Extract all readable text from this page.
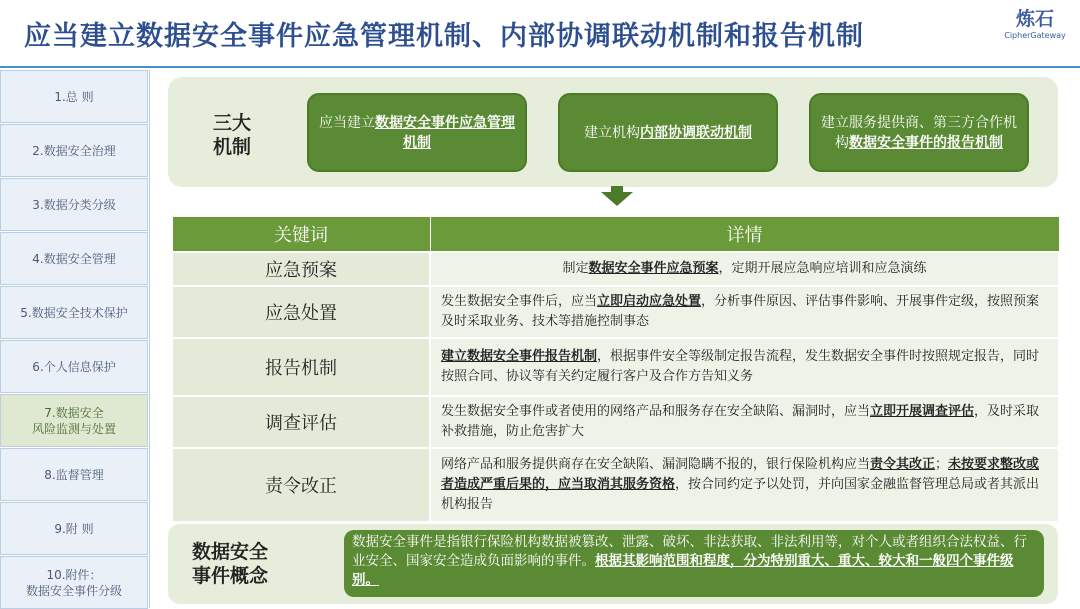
应当建立数据安全事件应急管理机制、内部协调联动机制和报告机制
炼石
CipherGateway
1.总 则
2.数据安全治理
3.数据分类分级
4.数据安全管理
5.数据安全技术保护
6.个人信息保护
7.数据安全
风险监测与处置
8.监督管理
9.附 则
10.附件：
数据安全事件分级
三大
机制
应当建立数据安全事件应急管理机制
建立机构内部协调联动机制
建立服务提供商、第三方合作机构数据安全事件的报告机制
关键词	详情
应急预案	制定数据安全事件应急预案，定期开展应急响应培训和应急演练
应急处置	发生数据安全事件后，应当立即启动应急处置，分析事件原因、评估事件影响、开展事件定级，按照预案及时采取业务、技术等措施控制事态
报告机制	建立数据安全事件报告机制，根据事件安全等级制定报告流程，发生数据安全事件时按照规定报告，同时按照合同、协议等有关约定履行客户及合作方告知义务
调查评估	发生数据安全事件或者使用的网络产品和服务存在安全缺陷、漏洞时，应当立即开展调查评估，及时采取补救措施，防止危害扩大
责令改正	网络产品和服务提供商存在安全缺陷、漏洞隐瞒不报的，银行保险机构应当责令其改正；未按要求整改或者造成严重后果的，应当取消其服务资格，按合同约定予以处罚，并向国家金融监督管理总局或者其派出机构报告
数据安全
事件概念
数据安全事件是指银行保险机构数据被篡改、泄露、破坏、非法获取、非法利用等，对个人或者组织合法权益、行业安全、国家安全造成负面影响的事件。根据其影响范围和程度，分为特别重大、重大、较大和一般四个事件级别。
